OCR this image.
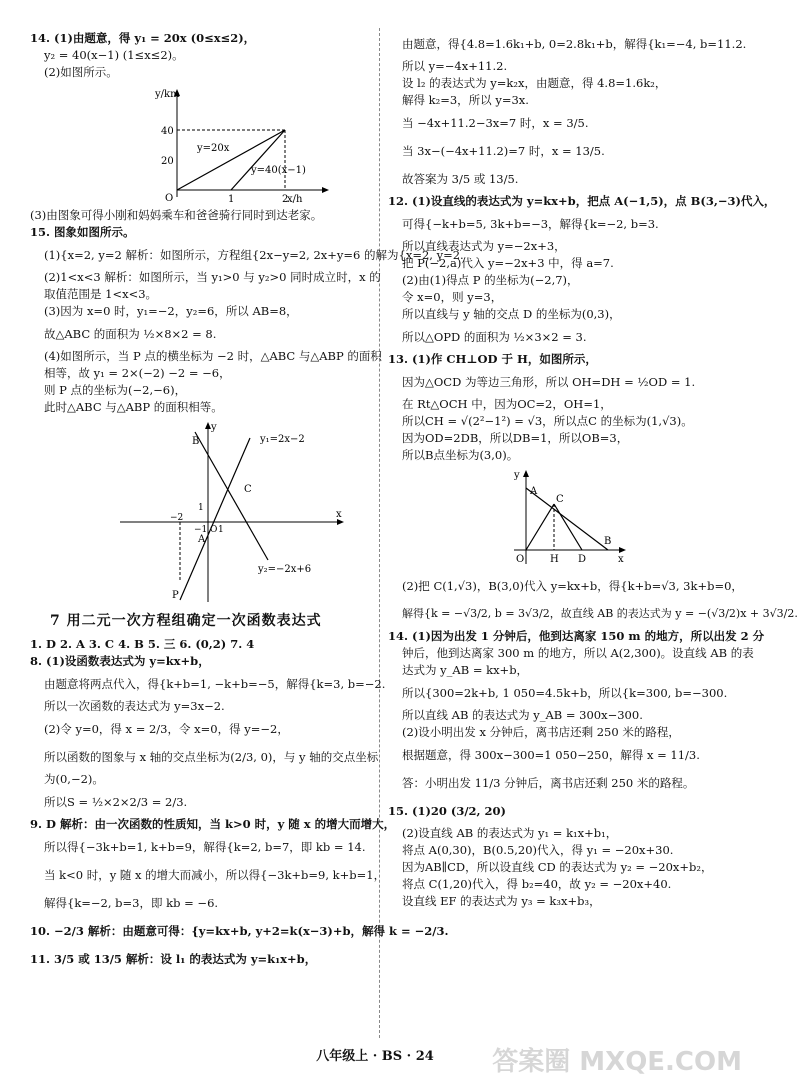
14. (1)由题意，得 y₁ = 20x (0≤x≤2)，
y₂ = 40(x−1) (1≤x≤2)。
(2)如图所示。
y/km
x/h
40
20
O	1	2
y=20x
y=40(x−1)
(3)由图象可得小刚和妈妈乘车和爸爸骑行同时到达老家。
15. 图象如图所示。
(1){x=2, y=2 解析：如图所示，方程组{2x−y=2, 2x+y=6 的解为{x=2, y=2.
(2)1<x<3 解析：如图所示，当 y₁>0 与 y₂>0 同时成立时，x 的
取值范围是 1<x<3。
(3)因为 x=0 时，y₁=−2，y₂=6，所以 AB=8，
故△ABC 的面积为 ½×8×2 = 8.
(4)如图所示，当 P 点的横坐标为 −2 时，△ABC 与△ABP 的面积
相等，故 y₁ = 2×(−2) −2 = −6，
则 P 点的坐标为(−2,−6)，
此时△ABC 与△ABP 的面积相等。
B
C
A
P
O 1
1
−2
−1
y
x
y₁=2x−2
y₂=−2x+6
7 用二元一次方程组确定一次函数表达式
1. D 2. A 3. C 4. B 5. 三 6. (0,2) 7. 4
8. (1)设函数表达式为 y=kx+b，
由题意将两点代入，得{k+b=1, −k+b=−5，解得{k=3, b=−2.
所以一次函数的表达式为 y=3x−2.
(2)令 y=0，得 x = 2/3，令 x=0，得 y=−2，
所以函数的图象与 x 轴的交点坐标为(2/3, 0)，与 y 轴的交点坐标
为(0,−2)。
所以S = ½×2×2/3 = 2/3.
9. D 解析：由一次函数的性质知，当 k>0 时，y 随 x 的增大而增大，
所以得{−3k+b=1, k+b=9，解得{k=2, b=7，即 kb = 14.
当 k<0 时，y 随 x 的增大而减小，所以得{−3k+b=9, k+b=1，
解得{k=−2, b=3，即 kb = −6.
10. −2/3 解析：由题意可得：{y=kx+b, y+2=k(x−3)+b，解得 k = −2/3.
11. 3/5 或 13/5 解析：设 l₁ 的表达式为 y=k₁x+b，
由题意，得{4.8=1.6k₁+b, 0=2.8k₁+b，解得{k₁=−4, b=11.2.
所以 y=−4x+11.2.
设 l₂ 的表达式为 y=k₂x，由题意，得 4.8=1.6k₂，
解得 k₂=3，所以 y=3x.
当 −4x+11.2−3x=7 时，x = 3/5.
当 3x−(−4x+11.2)=7 时，x = 13/5.
故答案为 3/5 或 13/5.
12. (1)设直线的表达式为 y=kx+b，把点 A(−1,5)，点 B(3,−3)代入，
可得{−k+b=5, 3k+b=−3，解得{k=−2, b=3.
所以直线表达式为 y=−2x+3，
把 P(−2,a)代入 y=−2x+3 中，得 a=7.
(2)由(1)得点 P 的坐标为(−2,7)，
令 x=0，则 y=3，
所以直线与 y 轴的交点 D 的坐标为(0,3)，
所以△OPD 的面积为 ½×3×2 = 3.
13. (1)作 CH⊥OD 于 H，如图所示，
因为△OCD 为等边三角形，所以 OH=DH = ½OD = 1.
在 Rt△OCH 中，因为OC=2，OH=1，
所以CH = √(2²−1²) = √3，所以点C 的坐标为(1,√3)。
因为OD=2DB，所以DB=1，所以OB=3，
所以B点坐标为(3,0)。
A
C
B
O	H D
y
x
(2)把 C(1,√3)，B(3,0)代入 y=kx+b，得{k+b=√3, 3k+b=0，
解得{k = −√3/2, b = 3√3/2，故直线 AB 的表达式为 y = −(√3/2)x + 3√3/2.
14. (1)因为出发 1 分钟后，他到达离家 150 m 的地方，所以出发 2 分
钟后，他到达离家 300 m 的地方，所以 A(2,300)。设直线 AB 的表
达式为 y_AB = kx+b，
所以{300=2k+b, 1 050=4.5k+b，所以{k=300, b=−300.
所以直线 AB 的表达式为 y_AB = 300x−300.
(2)设小明出发 x 分钟后，离书店还剩 250 米的路程，
根据题意，得 300x−300=1 050−250，解得 x = 11/3.
答：小明出发 11/3 分钟后，离书店还剩 250 米的路程。
15. (1)20 (3/2, 20)
(2)设直线 AB 的表达式为 y₁ = k₁x+b₁，
将点 A(0,30)，B(0.5,20)代入，得 y₁ = −20x+30.
因为AB∥CD，所以设直线 CD 的表达式为 y₂ = −20x+b₂，
将点 C(1,20)代入，得 b₂=40，故 y₂ = −20x+40.
设直线 EF 的表达式为 y₃ = k₃x+b₃，
八年级上 · BS · 24	答案圈 MXQE.COM
